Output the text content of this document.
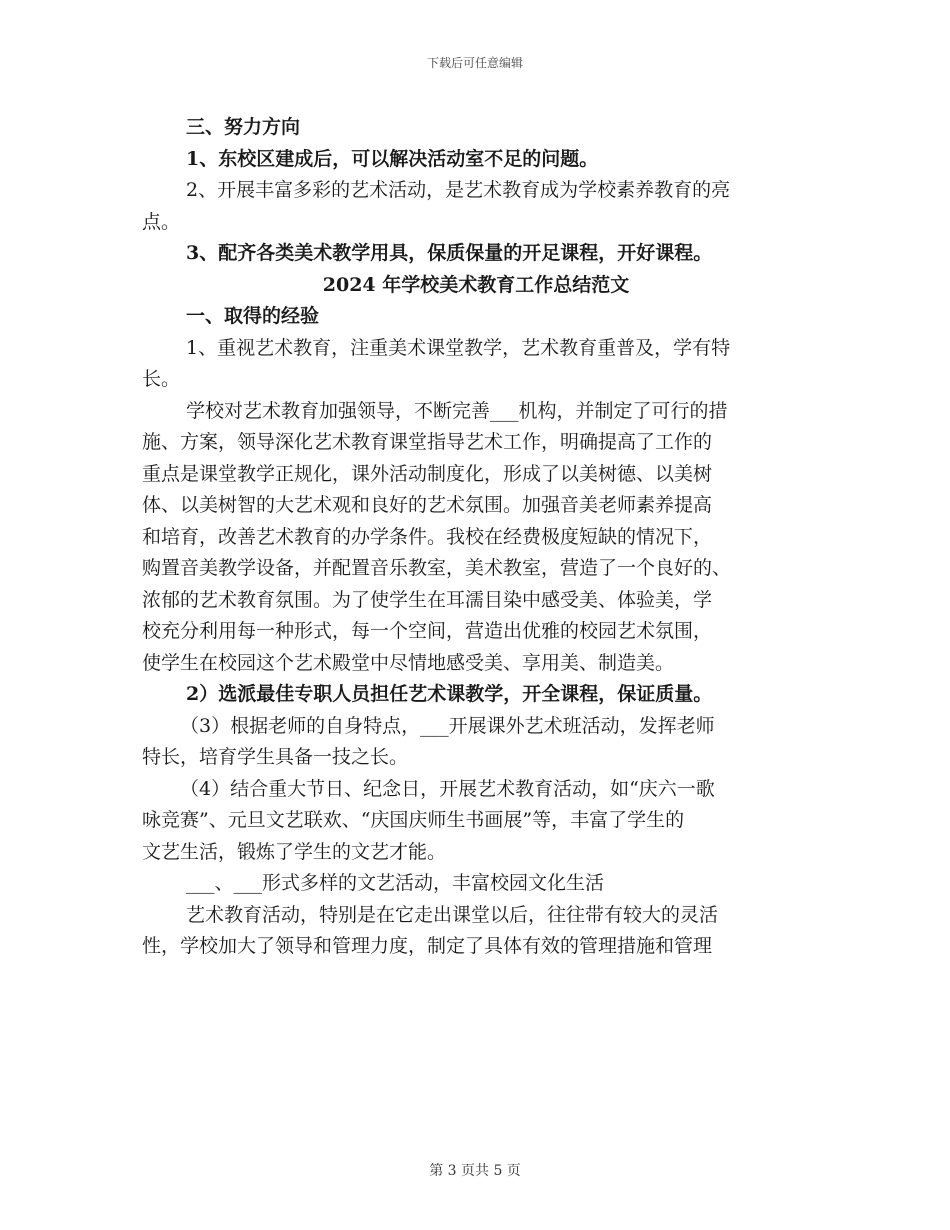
下载后可任意编辑
三、努力方向
1、东校区建成后，可以解决活动室不足的问题。
2、开展丰富多彩的艺术活动，是艺术教育成为学校素养教育的亮
点。
3、配齐各类美术教学用具，保质保量的开足课程，开好课程。
2024 年学校美术教育工作总结范文
一、取得的经验
1、重视艺术教育，注重美术课堂教学，艺术教育重普及，学有特
长。
学校对艺术教育加强领导，不断完善___机构，并制定了可行的措
施、方案，领导深化艺术教育课堂指导艺术工作，明确提高了工作的
重点是课堂教学正规化，课外活动制度化，形成了以美树德、以美树
体、以美树智的大艺术观和良好的艺术氛围。加强音美老师素养提高
和培育，改善艺术教育的办学条件。我校在经费极度短缺的情况下，
购置音美教学设备，并配置音乐教室，美术教室，营造了一个良好的、
浓郁的艺术教育氛围。为了使学生在耳濡目染中感受美、体验美，学
校充分利用每一种形式，每一个空间，营造出优雅的校园艺术氛围，
使学生在校园这个艺术殿堂中尽情地感受美、享用美、制造美。
2）选派最佳专职人员担任艺术课教学，开全课程，保证质量。
（3）根据老师的自身特点，___开展课外艺术班活动，发挥老师
特长，培育学生具备一技之长。
（4）结合重大节日、纪念日，开展艺术教育活动，如“庆六一歌
咏竞赛”、元旦文艺联欢、“庆国庆师生书画展”等，丰富了学生的
文艺生活，锻炼了学生的文艺才能。
___、___形式多样的文艺活动，丰富校园文化生活
艺术教育活动，特别是在它走出课堂以后，往往带有较大的灵活
性，学校加大了领导和管理力度，制定了具体有效的管理措施和管理
第 3 页共 5 页
